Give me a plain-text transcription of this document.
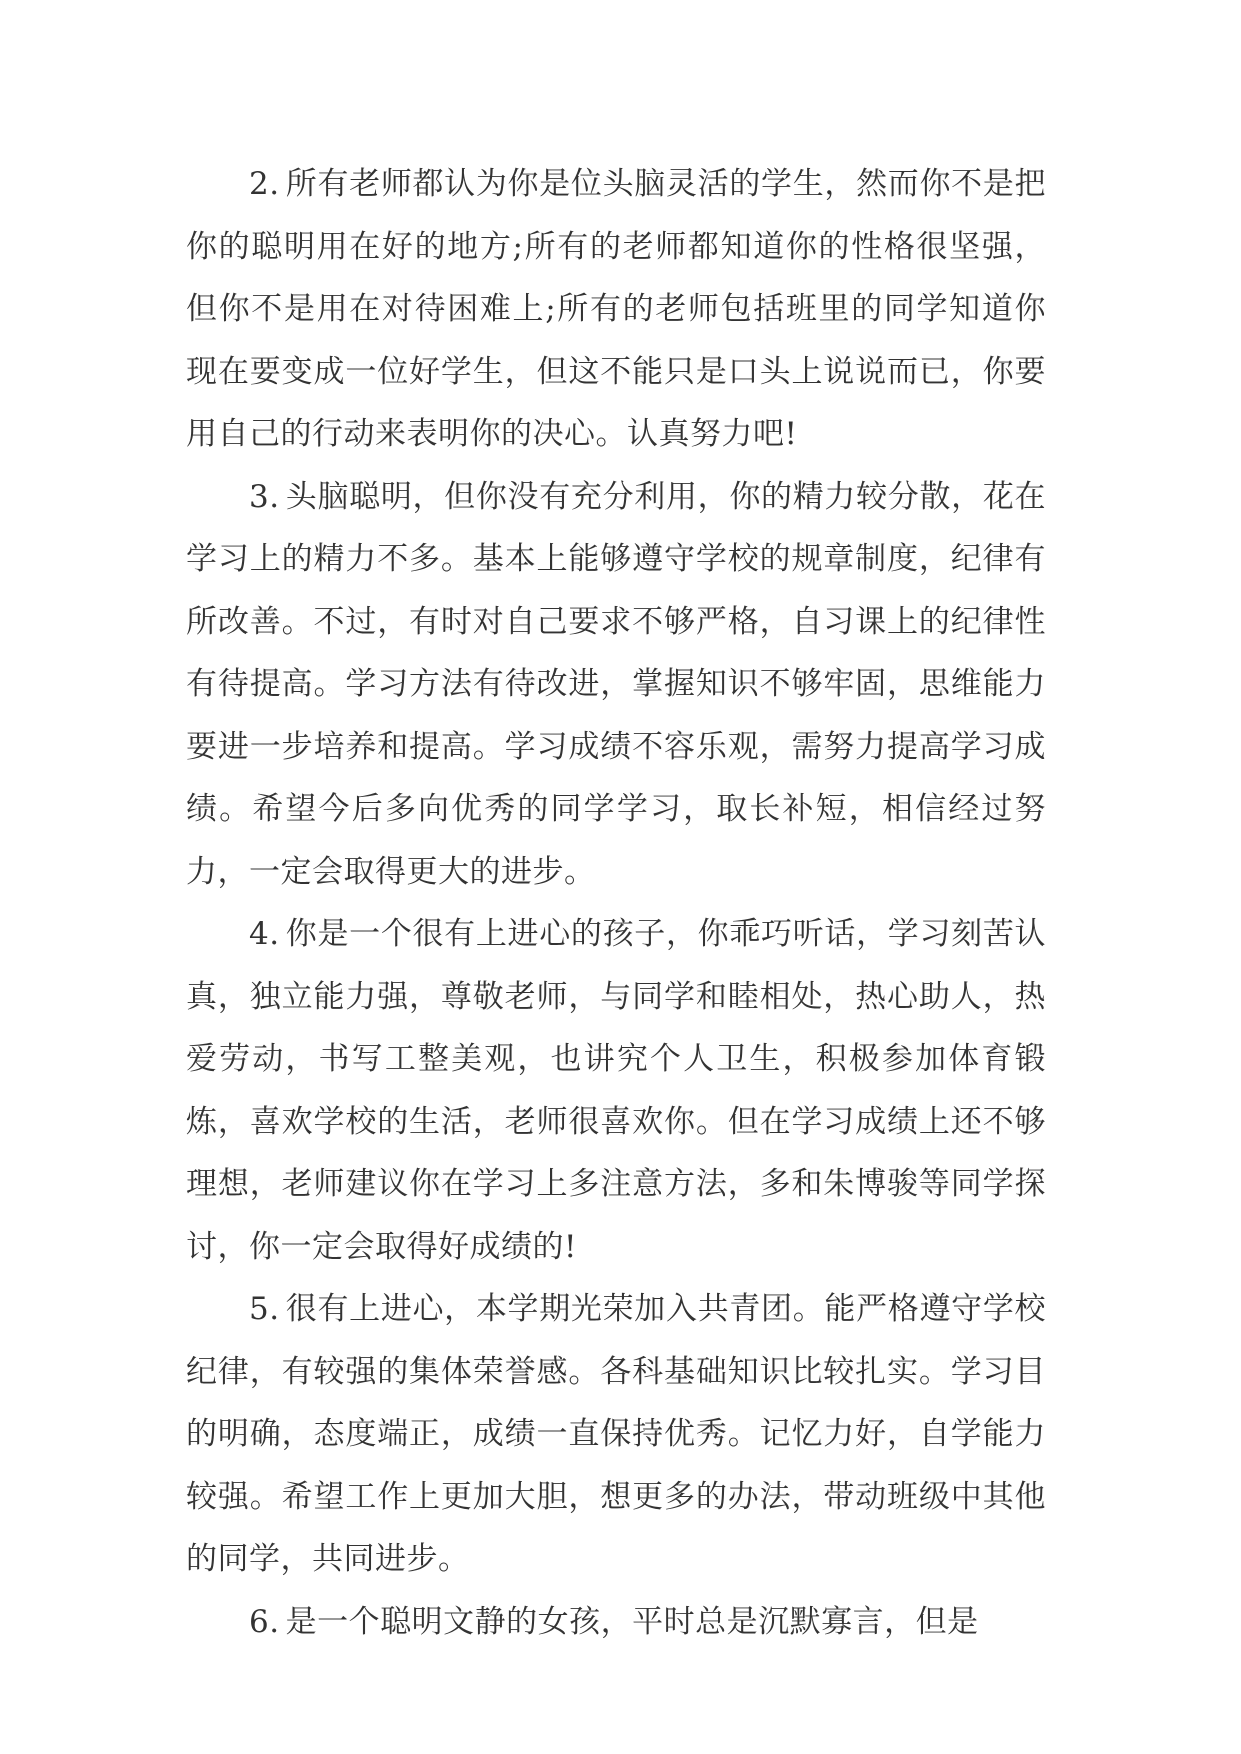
2. 所有老师都认为你是位头脑灵活的学生，然而你不是把你的聪明用在好的地方;所有的老师都知道你的性格很坚强，但你不是用在对待困难上;所有的老师包括班里的同学知道你现在要变成一位好学生，但这不能只是口头上说说而已，你要用自己的行动来表明你的决心。认真努力吧!

3. 头脑聪明，但你没有充分利用，你的精力较分散，花在学习上的精力不多。基本上能够遵守学校的规章制度，纪律有所改善。不过，有时对自己要求不够严格，自习课上的纪律性有待提高。学习方法有待改进，掌握知识不够牢固，思维能力要进一步培养和提高。学习成绩不容乐观，需努力提高学习成绩。希望今后多向优秀的同学学习，取长补短，相信经过努力，一定会取得更大的进步。

4. 你是一个很有上进心的孩子，你乖巧听话，学习刻苦认真，独立能力强，尊敬老师，与同学和睦相处，热心助人，热爱劳动，书写工整美观，也讲究个人卫生，积极参加体育锻炼，喜欢学校的生活，老师很喜欢你。但在学习成绩上还不够理想，老师建议你在学习上多注意方法，多和朱博骏等同学探讨，你一定会取得好成绩的!

5. 很有上进心，本学期光荣加入共青团。能严格遵守学校纪律，有较强的集体荣誉感。各科基础知识比较扎实。学习目的明确，态度端正，成绩一直保持优秀。记忆力好，自学能力较强。希望工作上更加大胆，想更多的办法，带动班级中其他的同学，共同进步。

6. 是一个聪明文静的女孩，平时总是沉默寡言，但是
